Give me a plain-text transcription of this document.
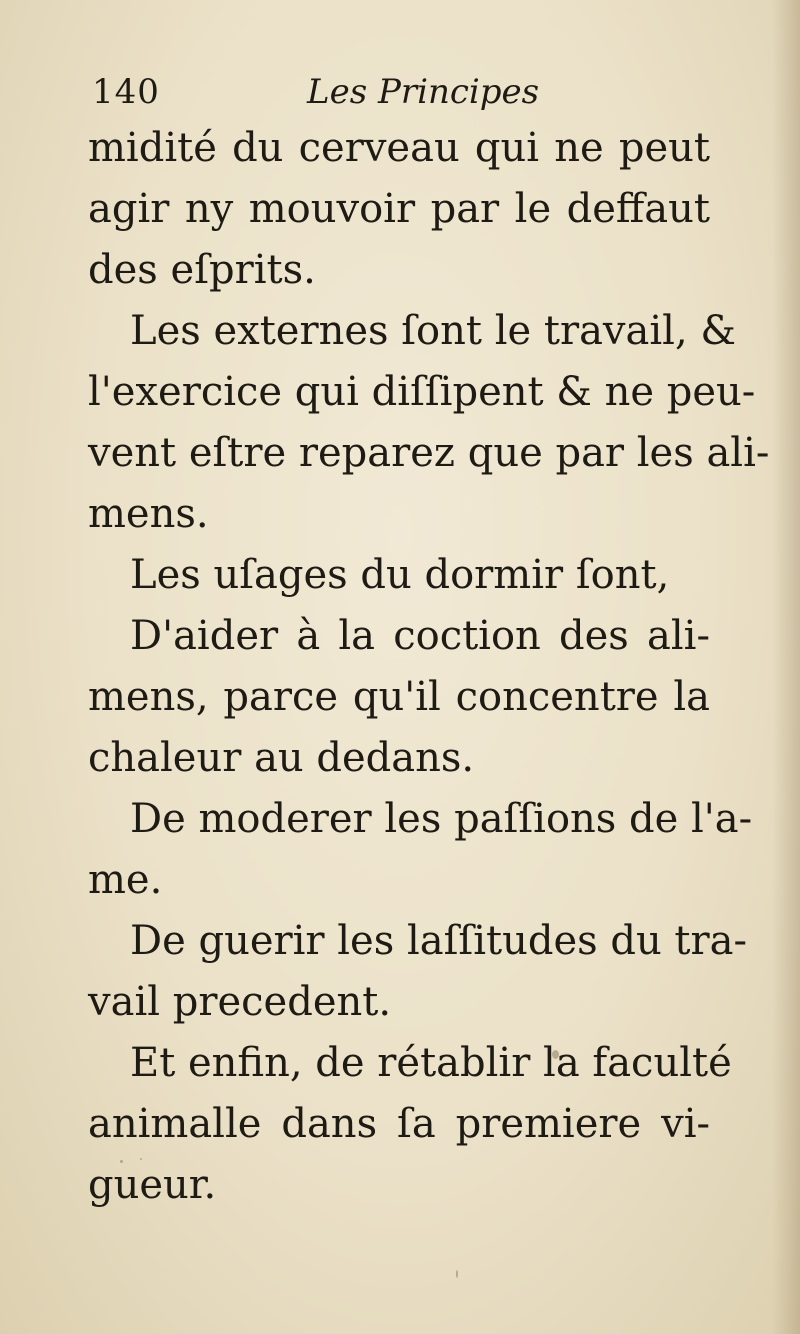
140	Les Principes
midité du cerveau qui ne peut
agir ny mouvoir par le deffaut
des eſprits.
Les externes ſont le travail, &
l'exercice qui diſſipent & ne peu-
vent eſtre reparez que par les ali-
mens.
Les uſages du dormir ſont,
D'aider à la coction des ali-
mens, parce qu'il concentre la
chaleur au dedans.
De moderer les paſſions de l'a-
me.
De guerir les laſſitudes du tra-
vail precedent.
Et enfin, de rétablir la faculté
animalle dans ſa premiere vi-
gueur.
